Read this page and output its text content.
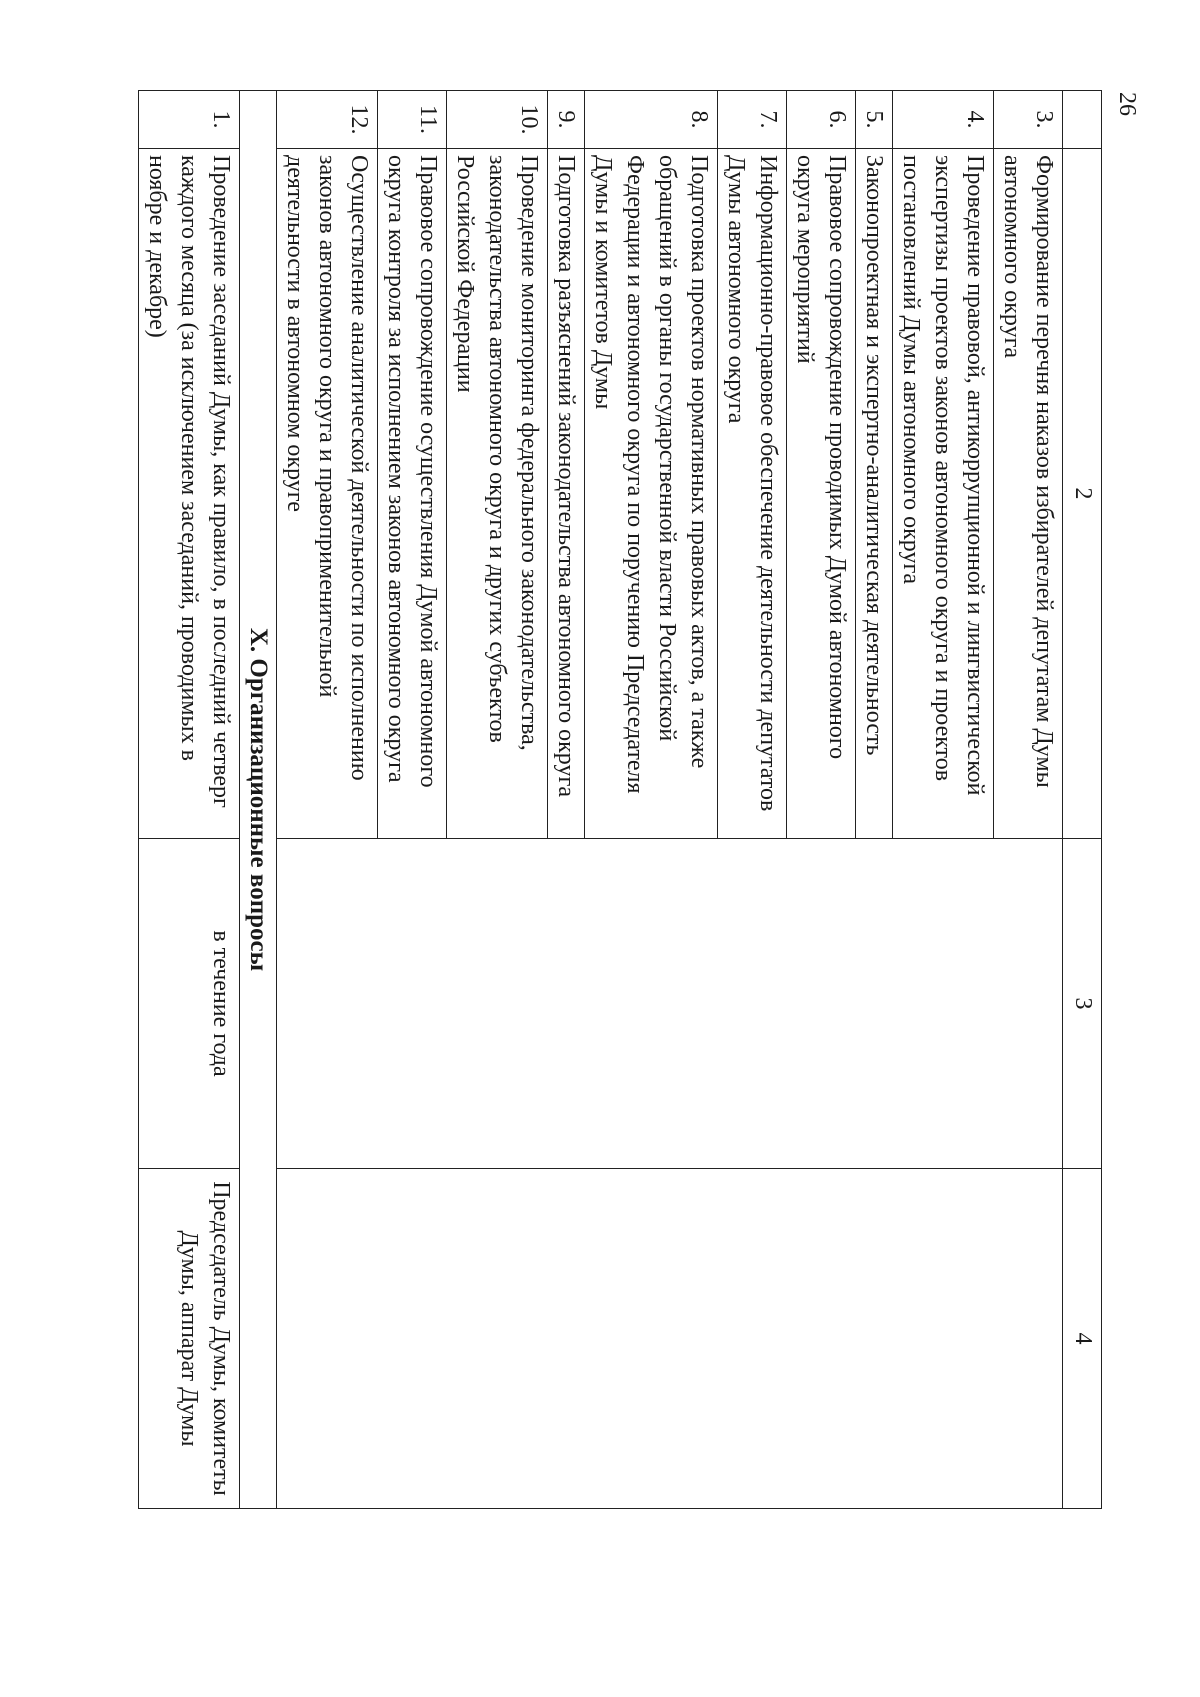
26
	2	3	4
3.	Формирование перечня наказов избирателей депутатам Думы автономного округа		
4.	Проведение правовой, антикоррупционной и лингвистической экспертизы проектов законов автономного округа и проектов постановлений Думы автономного округа		
5.	Законопроектная и экспертно-аналитическая деятельность		
6.	Правовое сопровождение проводимых Думой автономного округа мероприятий		
7.	Информационно-правовое обеспечение деятельности депутатов Думы автономного округа		
8.	Подготовка проектов нормативных правовых актов, а также обращений в органы государственной власти Российской Федерации и автономного округа по поручению Председателя Думы и комитетов Думы		
9.	Подготовка разъяснений законодательства автономного округа		
10.	Проведение мониторинга федерального законодательства, законодательства автономного округа и других субъектов Российской Федерации		
11.	Правовое сопровождение осуществления Думой автономного округа контроля за исполнением законов автономного округа		
12.	Осуществление аналитической деятельности по исполнению законов автономного округа и правоприменительной деятельности в автономном округе		
X. Организационные вопросы			
1.	Проведение заседаний Думы, как правило, в последний четверг каждого месяца (за исключением заседаний, проводимых в ноябре и декабре)	в течение года	Председатель Думы, комитеты Думы, аппарат Думы
